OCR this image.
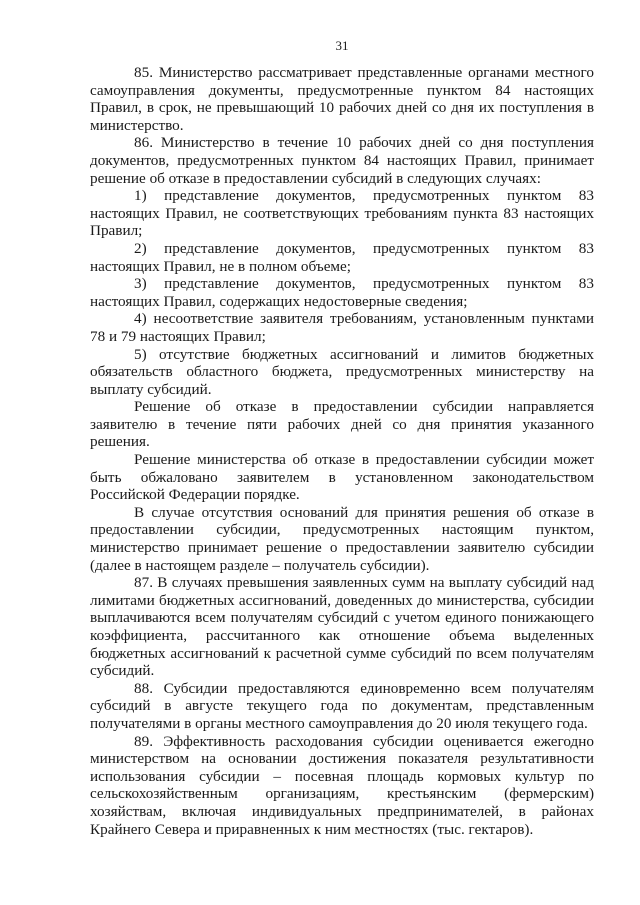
31

85. Министерство рассматривает представленные органами местного самоуправления документы, предусмотренные пунктом 84 настоящих Правил, в срок, не превышающий 10 рабочих дней со дня их поступления в министерство.

86. Министерство в течение 10 рабочих дней со дня поступления документов, предусмотренных пунктом 84 настоящих Правил, принимает решение об отказе в предоставлении субсидий в следующих случаях:

1) представление документов, предусмотренных пунктом 83 настоящих Правил, не соответствующих требованиям пункта 83 настоящих Правил;

2) представление документов, предусмотренных пунктом 83 настоящих Правил, не в полном объеме;

3) представление документов, предусмотренных пунктом 83 настоящих Правил, содержащих недостоверные сведения;

4) несоответствие заявителя требованиям, установленным пунктами 78 и 79 настоящих Правил;

5) отсутствие бюджетных ассигнований и лимитов бюджетных обязательств областного бюджета, предусмотренных министерству на выплату субсидий.

Решение об отказе в предоставлении субсидии направляется заявителю в течение пяти рабочих дней со дня принятия указанного решения.

Решение министерства об отказе в предоставлении субсидии может быть обжаловано заявителем в установленном законодательством Российской Федерации порядке.

В случае отсутствия оснований для принятия решения об отказе в предоставлении субсидии, предусмотренных настоящим пунктом, министерство принимает решение о предоставлении заявителю субсидии (далее в настоящем разделе – получатель субсидии).

87. В случаях превышения заявленных сумм на выплату субсидий над лимитами бюджетных ассигнований, доведенных до министерства, субсидии выплачиваются всем получателям субсидий с учетом единого понижающего коэффициента, рассчитанного как отношение объема выделенных бюджетных ассигнований к расчетной сумме субсидий по всем получателям субсидий.

88. Субсидии предоставляются единовременно всем получателям субсидий в августе текущего года по документам, представленным получателями в органы местного самоуправления до 20 июля текущего года.

89. Эффективность расходования субсидии оценивается ежегодно министерством на основании достижения показателя результативности использования субсидии – посевная площадь кормовых культур по сельскохозяйственным организациям, крестьянским (фермерским) хозяйствам, включая индивидуальных предпринимателей, в районах Крайнего Севера и приравненных к ним местностях (тыс. гектаров).
